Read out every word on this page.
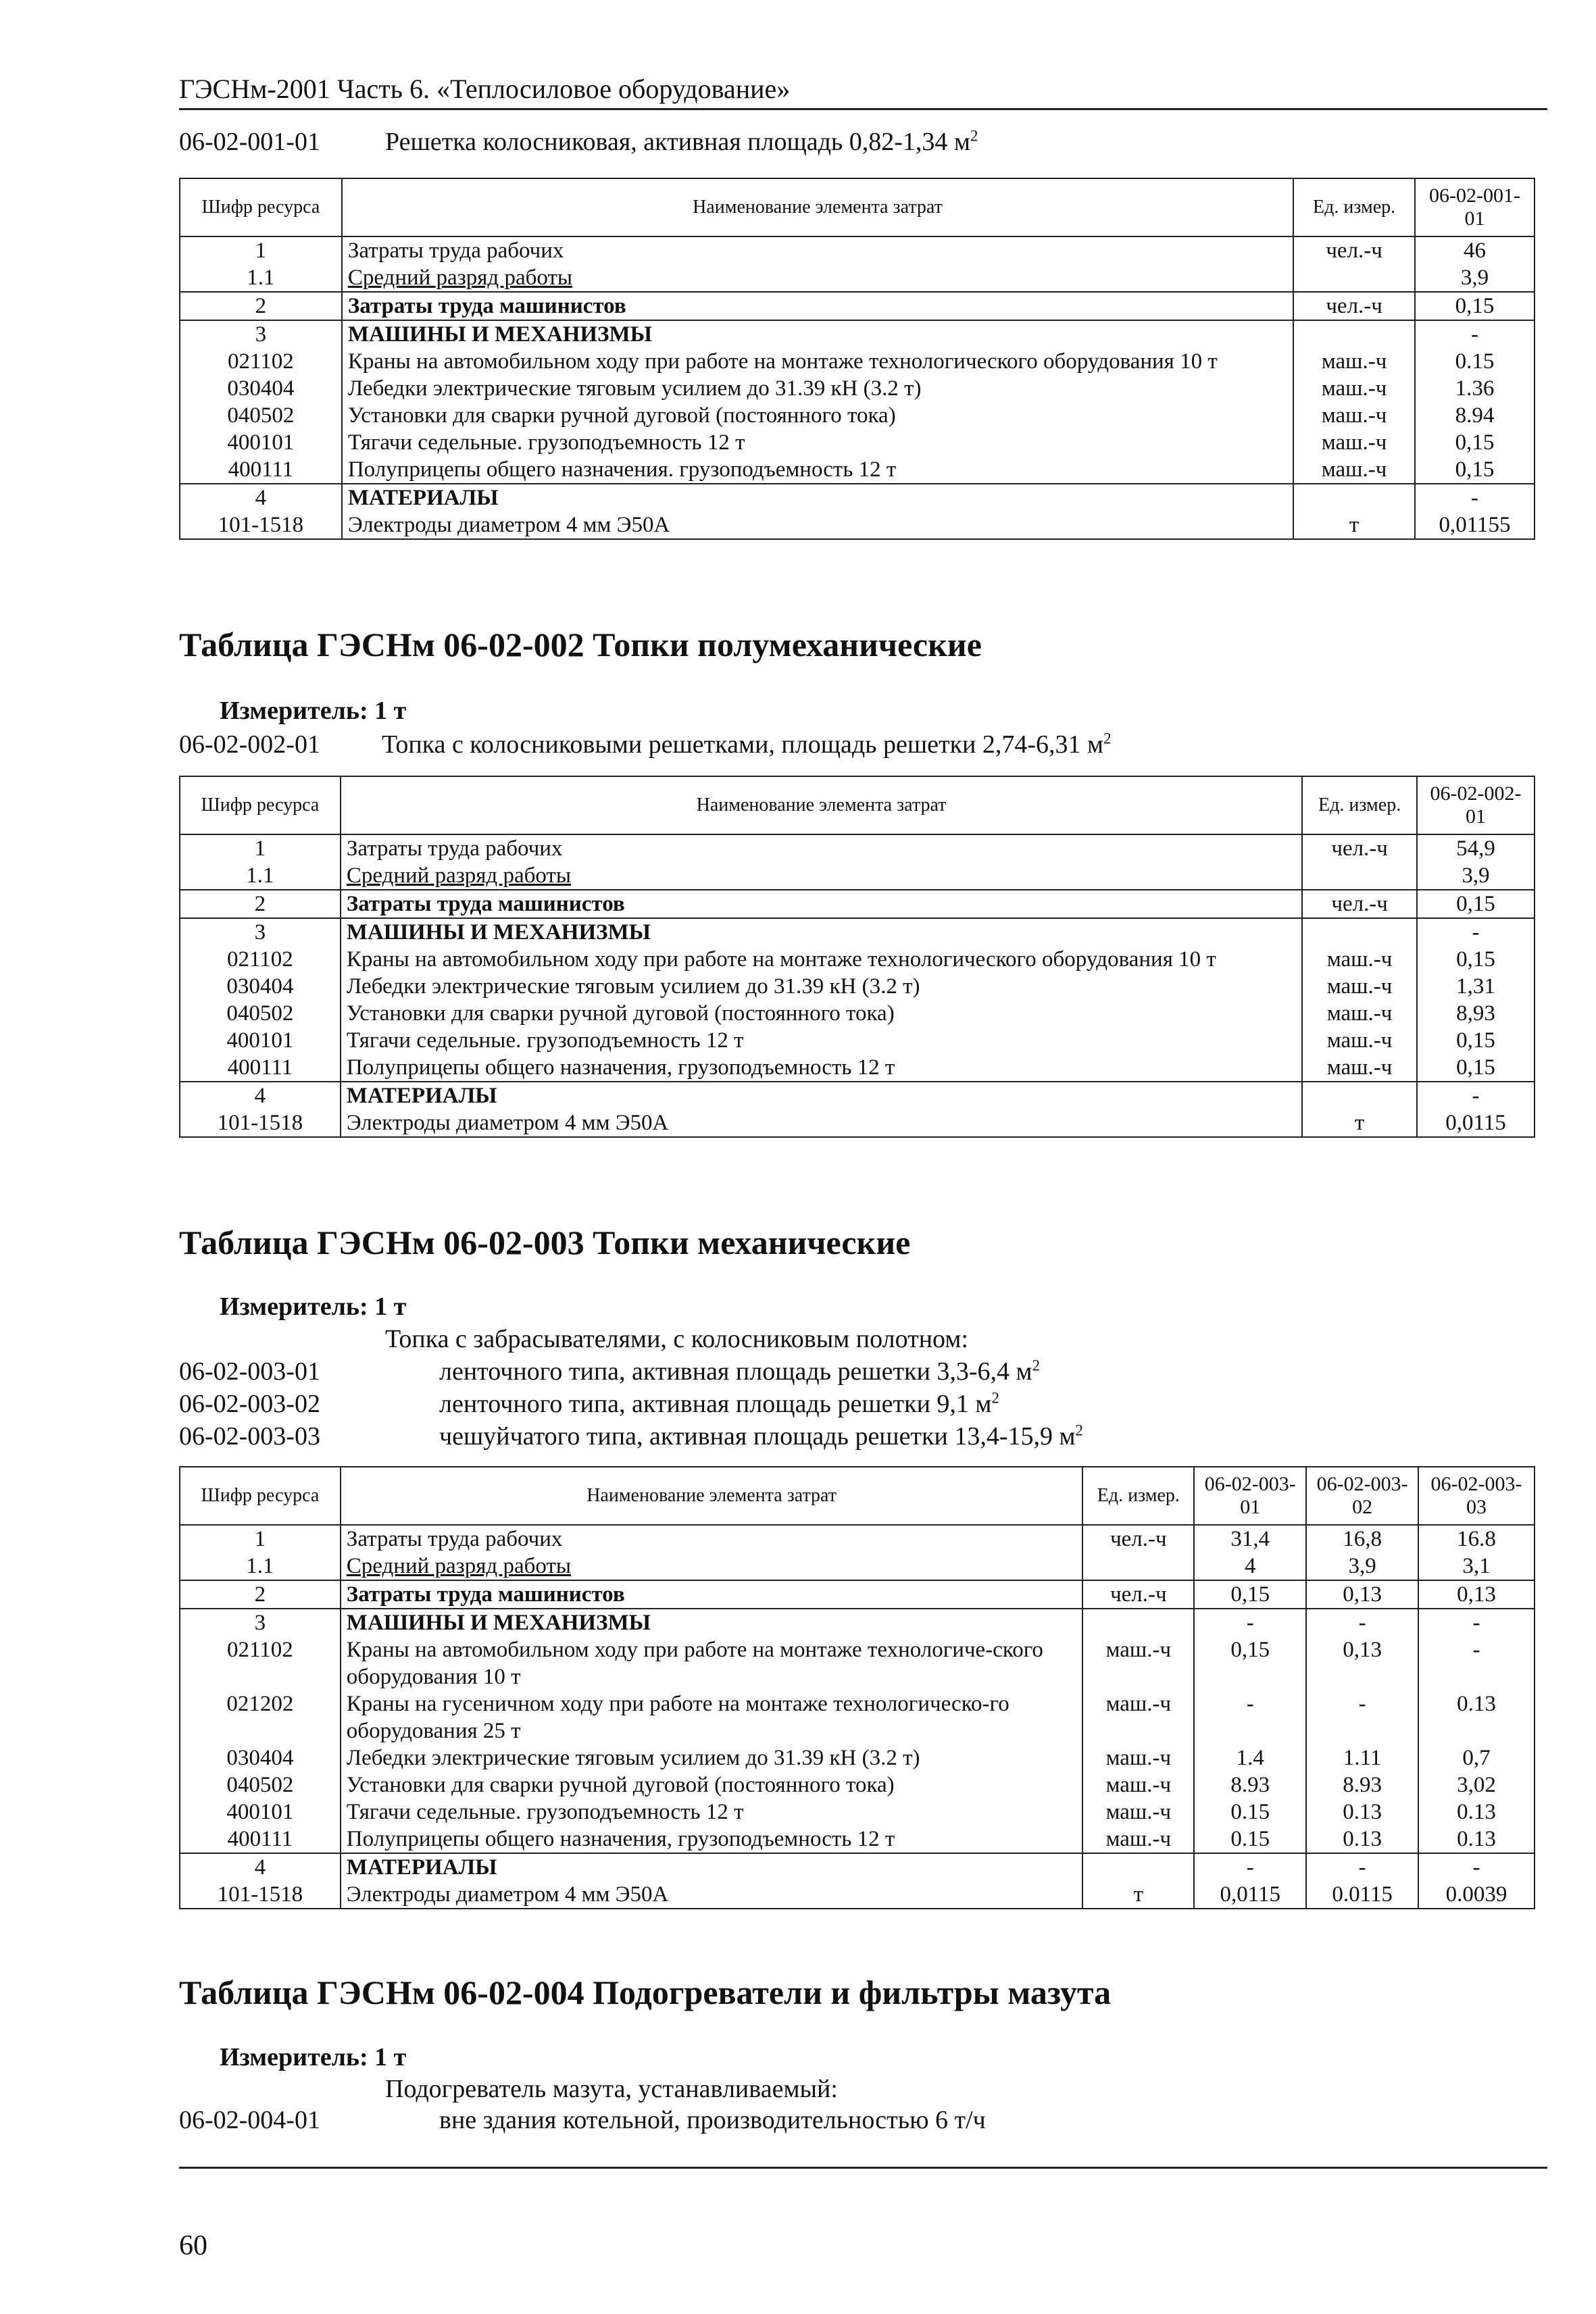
ГЭСНм-2001 Часть 6. «Теплосиловое оборудование»
06-02-001-01	Решетка колосниковая, активная площадь 0,82-1,34 $м^2$
Шифр ресурса	Наименование элемента затрат	Ед. измер.	06-02-001-01
1	Затраты труда рабочих	чел.-ч	46
1.1	Средний разряд работы		3,9
2	Затраты труда машинистов	чел.-ч	0,15
3	МАШИНЫ И МЕХАНИЗМЫ		-
021102	Краны на автомобильном ходу при работе на монтаже технологического оборудования 10 т	маш.-ч	0.15
030404	Лебедки электрические тяговым усилием до 31.39 кН (3.2 т)	маш.-ч	1.36
040502	Установки для сварки ручной дуговой (постоянного тока)	маш.-ч	8.94
400101	Тягачи седельные. грузоподъемность 12 т	маш.-ч	0,15
400111	Полуприцепы общего назначения. грузоподъемность 12 т	маш.-ч	0,15
4	МАТЕРИАЛЫ		-
101-1518	Электроды диаметром 4 мм Э50А	т	0,01155
Таблица ГЭСНм 06-02-002 Топки полумеханические
Измеритель: 1 т
06-02-002-01 Топка с колосниковыми решетками, площадь решетки 2,74-6,31 $м^2$
Шифр ресурса	Наименование элемента затрат	Ед. измер.	06-02-002-01
1	Затраты труда рабочих	чел.-ч	54,9
1.1	Средний разряд работы		3,9
2	Затраты труда машинистов	чел.-ч	0,15
3	МАШИНЫ И МЕХАНИЗМЫ		-
021102	Краны на автомобильном ходу при работе на монтаже технологического оборудования 10 т	маш.-ч	0,15
030404	Лебедки электрические тяговым усилием до 31.39 кН (3.2 т)	маш.-ч	1,31
040502	Установки для сварки ручной дуговой (постоянного тока)	маш.-ч	8,93
400101	Тягачи седельные. грузоподъемность 12 т	маш.-ч	0,15
400111	Полуприцепы общего назначения, грузоподъемность 12 т	маш.-ч	0,15
4	МАТЕРИАЛЫ		-
101-1518	Электроды диаметром 4 мм Э50А	т	0,0115
Таблица ГЭСНм 06-02-003 Топки механические
Измеритель: 1 т
Топка с забрасывателями, с колосниковым полотном:
06-02-003-01	ленточного типа, активная площадь решетки 3,3-6,4 $м^2$
06-02-003-02	ленточного типа, активная площадь решетки 9,1 $м^2$
06-02-003-03	чешуйчатого типа, активная площадь решетки 13,4-15,9 $м^2$
Шифр ресурса	Наименование элемента затрат	Ед. измер.	06-02-003-01	06-02-003-02	06-02-003-03
1	Затраты труда рабочих	чел.-ч	31,4	16,8	16.8
1.1	Средний разряд работы		4	3,9	3,1
2	Затраты труда машинистов	чел.-ч	0,15	0,13	0,13
3	МАШИНЫ И МЕХАНИЗМЫ		-	-	-
021102	Краны на автомобильном ходу при работе на монтаже технологиче-ского оборудования 10 т	маш.-ч	0,15	0,13	-
021202	Краны на гусеничном ходу при работе на монтаже технологическо-го оборудования 25 т	маш.-ч	-	-	0.13
030404	Лебедки электрические тяговым усилием до 31.39 кН (3.2 т)	маш.-ч	1.4	1.11	0,7
040502	Установки для сварки ручной дуговой (постоянного тока)	маш.-ч	8.93	8.93	3,02
400101	Тягачи седельные. грузоподъемность 12 т	маш.-ч	0.15	0.13	0.13
400111	Полуприцепы общего назначения, грузоподъемность 12 т	маш.-ч	0.15	0.13	0.13
4	МАТЕРИАЛЫ		-	-	-
101-1518	Электроды диаметром 4 мм Э50А	т	0,0115	0.0115	0.0039
Таблица ГЭСНм 06-02-004 Подогреватели и фильтры мазута
Измеритель: 1 т
Подогреватель мазута, устанавливаемый:
06-02-004-01	вне здания котельной, производительностью 6 т/ч
60
